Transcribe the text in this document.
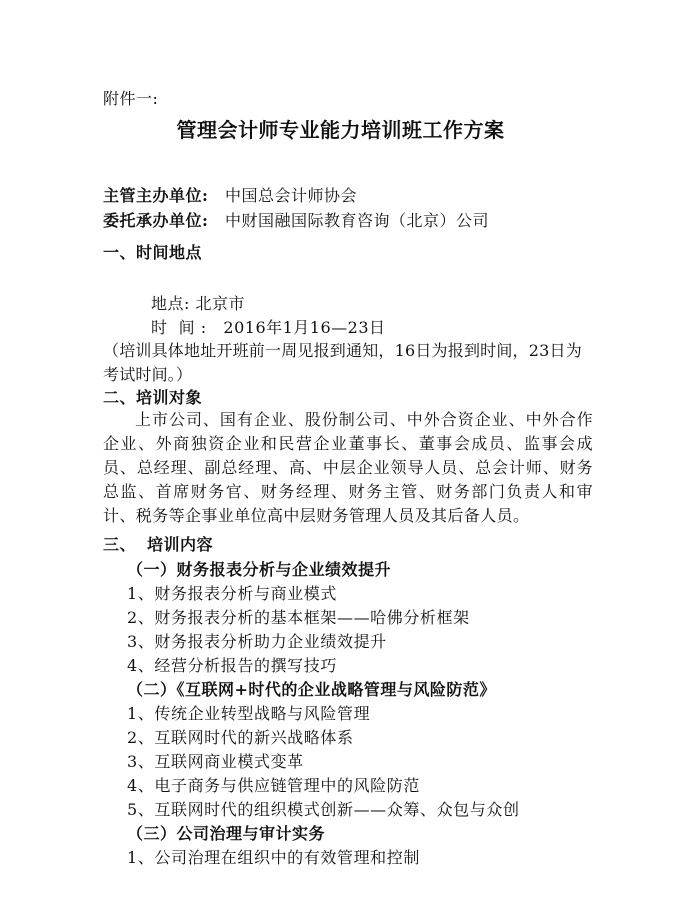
附件一:
管理会计师专业能力培训班工作方案
主管主办单位: 中国总会计师协会
委托承办单位: 中财国融国际教育咨询（北京）公司
一、时间地点
地点: 北京市
时  间 :   2016年1月16—23日
（培训具体地址开班前一周见报到通知，16日为报到时间，23日为考试时间。）
二、培训对象
上市公司、国有企业、股份制公司、中外合资企业、中外合作企业、外商独资企业和民营企业董事长、董事会成员、监事会成员、总经理、副总经理、高、中层企业领导人员、总会计师、财务总监、首席财务官、财务经理、财务主管、财务部门负责人和审计、税务等企事业单位高中层财务管理人员及其后备人员。
三、 培训内容
（一）财务报表分析与企业绩效提升
1、财务报表分析与商业模式
2、财务报表分析的基本框架——哈佛分析框架
3、财务报表分析助力企业绩效提升
4、经营分析报告的撰写技巧
（二）《互联网+时代的企业战略管理与风险防范》
1、传统企业转型战略与风险管理
2、互联网时代的新兴战略体系
3、互联网商业模式变革
4、电子商务与供应链管理中的风险防范
5、互联网时代的组织模式创新——众筹、众包与众创
（三）公司治理与审计实务
1、公司治理在组织中的有效管理和控制
